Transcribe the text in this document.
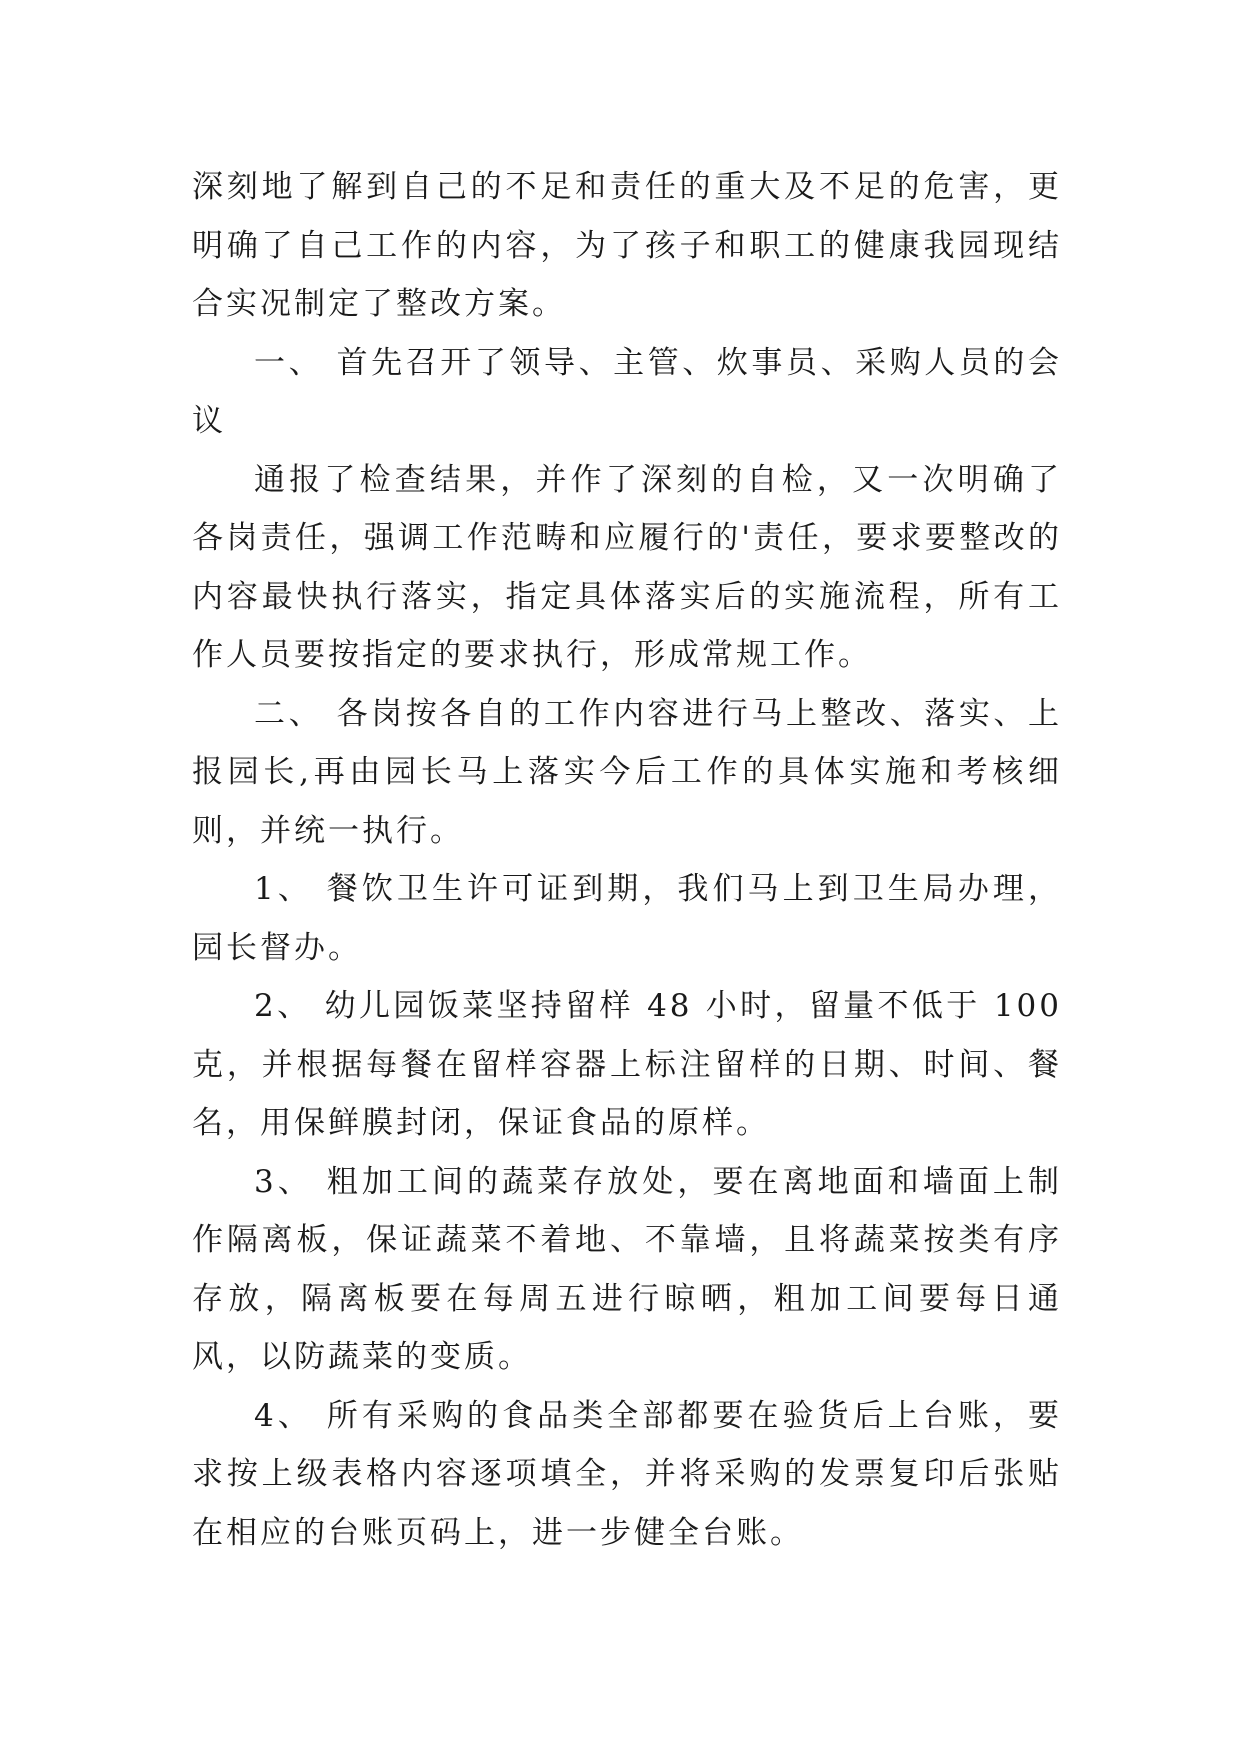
深刻地了解到自己的不足和责任的重大及不足的危害，更明确了自己工作的内容，为了孩子和职工的健康我园现结合实况制定了整改方案。

一、 首先召开了领导、主管、炊事员、采购人员的会议

通报了检查结果，并作了深刻的自检，又一次明确了各岗责任，强调工作范畴和应履行的'责任，要求要整改的内容最快执行落实，指定具体落实后的实施流程，所有工作人员要按指定的要求执行，形成常规工作。

二、 各岗按各自的工作内容进行马上整改、落实、上报园长,再由园长马上落实今后工作的具体实施和考核细则，并统一执行。

1、 餐饮卫生许可证到期，我们马上到卫生局办理，园长督办。

2、 幼儿园饭菜坚持留样 48 小时，留量不低于 100 克，并根据每餐在留样容器上标注留样的日期、时间、餐名，用保鲜膜封闭，保证食品的原样。

3、 粗加工间的蔬菜存放处，要在离地面和墙面上制作隔离板，保证蔬菜不着地、不靠墙，且将蔬菜按类有序存放，隔离板要在每周五进行晾晒，粗加工间要每日通风，以防蔬菜的变质。

4、 所有采购的食品类全部都要在验货后上台账，要求按上级表格内容逐项填全，并将采购的发票复印后张贴在相应的台账页码上，进一步健全台账。
